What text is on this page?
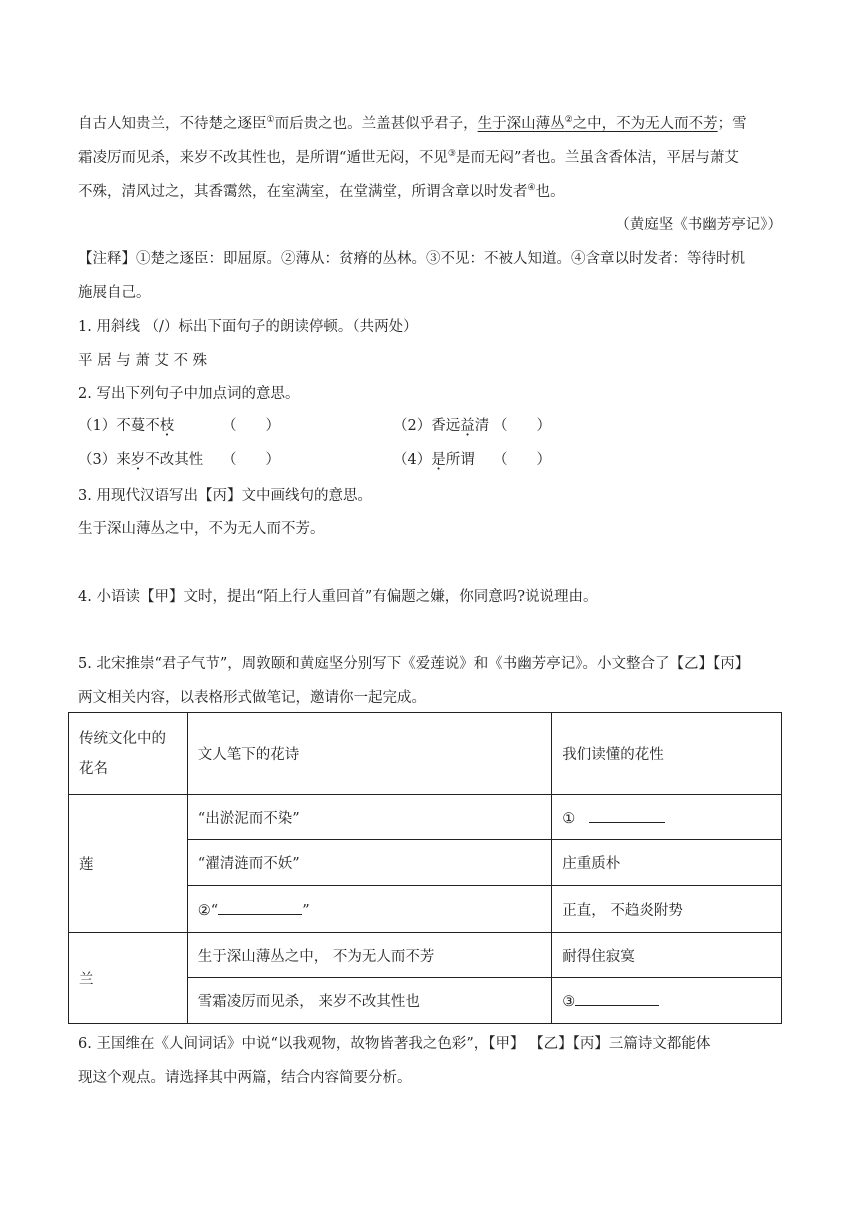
自古人知贵兰，不待楚之逐臣①而后贵之也。兰盖甚似乎君子，生于深山薄丛②之中，不为无人而不芳；雪
霜凌厉而见杀，来岁不改其性也，是所谓“遁世无闷，不见③是而无闷”者也。兰虽含香体洁，平居与萧艾
不殊，清风过之，其香霭然，在室满室，在堂满堂，所谓含章以时发者④也。
（黄庭坚《书幽芳亭记》）
【注释】①楚之逐臣：即屈原。②薄从：贫瘠的丛林。③不见：不被人知道。④含章以时发者：等待时机
施展自己。
1. 用斜线 （/）标出下面句子的朗读停顿。（共两处）
平 居 与 萧 艾 不 殊
2. 写出下列句子中加点词的意思。
（1）不蔓不枝	（　　）	（2）香远益清 （　　）
（3）来岁不改其性 （　　）	（4）是所谓 （　　）
3. 用现代汉语写出【丙】文中画线句的意思。
生于深山薄丛之中，不为无人而不芳。
4. 小语读【甲】文时，提出“陌上行人重回首”有偏题之嫌，你同意吗?说说理由。
5. 北宋推崇“君子气节”，周敦颐和黄庭坚分别写下《爱莲说》和《书幽芳亭记》。小文整合了【乙】【丙】
两文相关内容，以表格形式做笔记，邀请你一起完成。
传统文化中的花名	文人笔下的花诗	我们读懂的花性
莲	“出淤泥而不染”	①
	“濯清涟而不妖”	庄重质朴
	②“ ”	正直， 不趋炎附势
兰	生于深山薄丛之中， 不为无人而不芳	耐得住寂寞
	雪霜凌厉而见杀， 来岁不改其性也	③
6. 王国维在《人间词话》中说“以我观物，故物皆著我之色彩”，【甲】 【乙】【丙】三篇诗文都能体
现这个观点。请选择其中两篇，结合内容简要分析。
